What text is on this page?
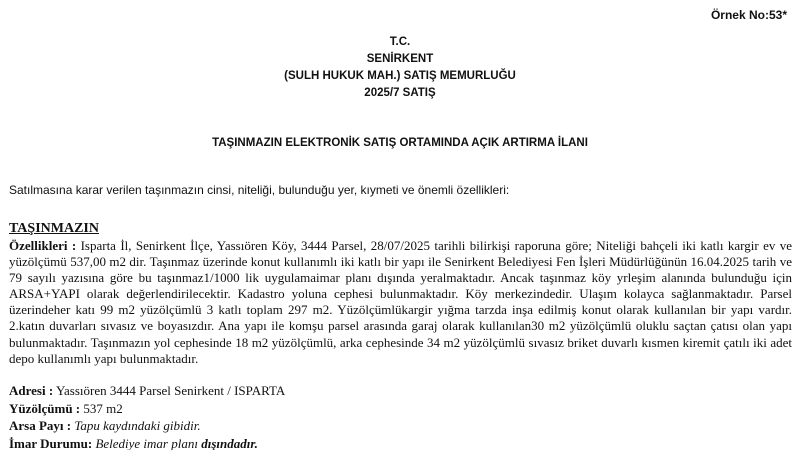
Örnek No:53*
T.C.
SENİRKENT
(SULH HUKUK MAH.) SATIŞ MEMURLUĞU
2025/7 SATIŞ
TAŞINMAZIN ELEKTRONİK SATIŞ ORTAMINDA AÇIK ARTIRMA İLANI
Satılmasına karar verilen taşınmazın cinsi, niteliği, bulunduğu yer, kıymeti ve önemli özellikleri:
TAŞINMAZIN

Özellikleri : Isparta İl, Senirkent İlçe, Yassıören Köy, 3444 Parsel, 28/07/2025 tarihli bilirkişi raporuna göre; Niteliği bahçeli iki katlı kargir ev ve yüzölçümü 537,00 m2 dir. Taşınmaz üzerinde konut kullanımlı iki katlı bir yapı ile Senirkent Belediyesi Fen İşleri Müdürlüğünün 16.04.2025 tarih ve 79 sayılı yazısına göre bu taşınmaz1/1000 lik uygulamaimar planı dışında yeralmaktadır. Ancak taşınmaz köy yrleşim alanında bulunduğu için ARSA+YAPI olarak değerlendirilecektir. Kadastro yoluna cephesi bulunmaktadır. Köy merkezindedir. Ulaşım kolayca sağlanmaktadır. Parsel üzerindeher katı 99 m2 yüzölçümlü 3 katlı toplam 297 m2. Yüzölçümlükargir yığma tarzda inşa edilmiş konut olarak kullanılan bir yapı vardır. 2.katın duvarları sıvasız ve boyasızdır. Ana yapı ile komşu parsel arasında garaj olarak kullanılan30 m2 yüzölçümlü oluklu saçtan çatısı olan yapı bulunmaktadır. Taşınmazın yol cephesinde 18 m2 yüzölçümlü, arka cephesinde 34 m2 yüzölçümlü sıvasız briket duvarlı kısmen kiremit çatılı iki adet depo kullanımlı yapı bulunmaktadır.

Adresi : Yassıören 3444 Parsel Senirkent / ISPARTA
Yüzölçümü : 537 m2
Arsa Payı : Tapu kaydındaki gibidir.
İmar Durumu: Belediye imar planı dışındadır.
